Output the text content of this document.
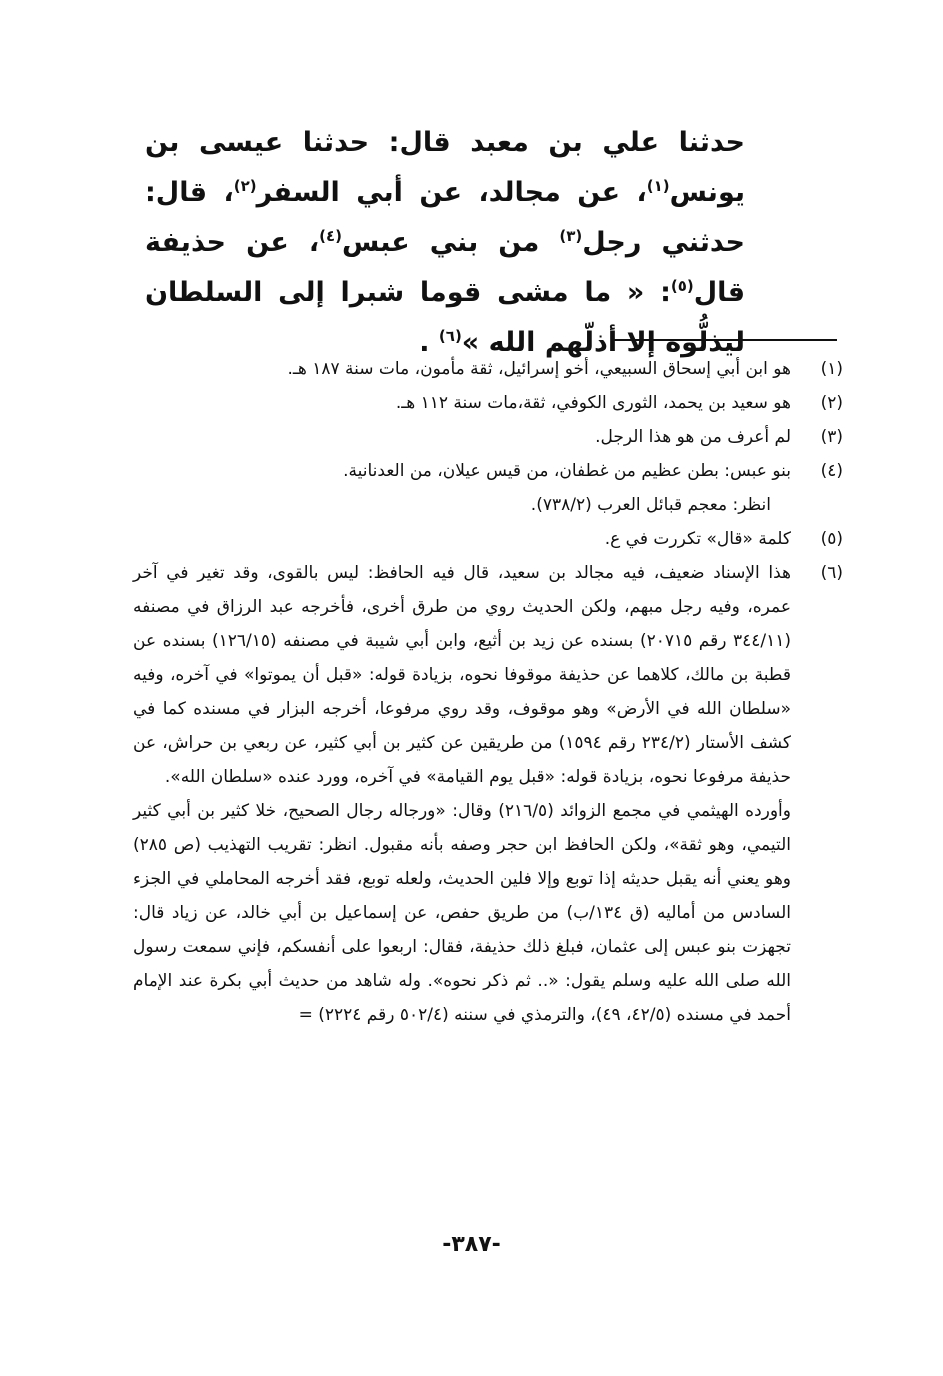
حدثنا علي بن معبد قال: حدثنا عيسى بن يونس$^{(١)}$، عن مجالد، عن أبي السفر$^{(٢)}$، قال: حدثني رجل$^{(٣)}$ من بني عبس$^{(٤)}$، عن حذيفة قال$^{(٥)}$: « ما مشى قوما شبرا إلى السلطان ليذلُّوه إلا أذلّهم الله »$^{(٦)}$ .

(١)

هو ابن أبي إسحاق السبيعي، أخو إسرائيل، ثقة مأمون، مات سنة ١٨٧ هـ.

(٢)

هو سعيد بن يحمد، الثورى الكوفي، ثقة،مات سنة ١١٢ هـ.

(٣)

لم أعرف من هو هذا الرجل.

(٤)

بنو عبس: بطن عظيم من غطفان، من قيس عيلان، من العدنانية.

انظر: معجم قبائل العرب (٧٣٨/٢).

(٥)

كلمة «قال» تكررت في ع.

(٦)

هذا الإسناد ضعيف، فيه مجالد بن سعيد، قال فيه الحافظ: ليس بالقوى، وقد تغير في آخر عمره، وفيه رجل مبهم، ولكن الحديث روي من طرق أخرى، فأخرجه عبد الرزاق في مصنفه (٣٤٤/١١ رقم ٢٠٧١٥) بسنده عن زيد بن أثيع، وابن أبي شيبة في مصنفه (١٢٦/١٥) بسنده عن قطبة بن مالك، كلاهما عن حذيفة موقوفا نحوه، بزيادة قوله: «قبل أن يموتوا» في آخره، وفيه «سلطان الله في الأرض» وهو موقوف، وقد روي مرفوعا، أخرجه البزار في مسنده كما في كشف الأستار (٢٣٤/٢ رقم ١٥٩٤) من طريقين عن كثير بن أبي كثير، عن ربعي بن حراش، عن حذيفة مرفوعا نحوه، بزيادة قوله: «قبل يوم القيامة» في آخره، وورد عنده «سلطان الله».

وأورده الهيثمي في مجمع الزوائد (٢١٦/٥) وقال: «ورجاله رجال الصحيح، خلا كثير بن أبي كثير التيمي، وهو ثقة»، ولكن الحافظ ابن حجر وصفه بأنه مقبول. انظر: تقريب التهذيب (ص ٢٨٥) وهو يعني أنه يقبل حديثه إذا توبع وإلا فلين الحديث، ولعله توبع، فقد أخرجه المحاملي في الجزء السادس من أماليه (ق ١٣٤/ب) من طريق حفص، عن إسماعيل بن أبي خالد، عن زياد قال: تجهزت بنو عبس إلى عثمان، فبلغ ذلك حذيفة، فقال: اربعوا على أنفسكم، فإني سمعت رسول الله صلى الله عليه وسلم يقول: «.. ثم ذكر نحوه». وله شاهد من حديث أبي بكرة عند الإمام أحمد في مسنده (٤٢/٥، ٤٩)، والترمذي في سننه (٥٠٢/٤ رقم ٢٢٢٤) =

-٣٨٧-
